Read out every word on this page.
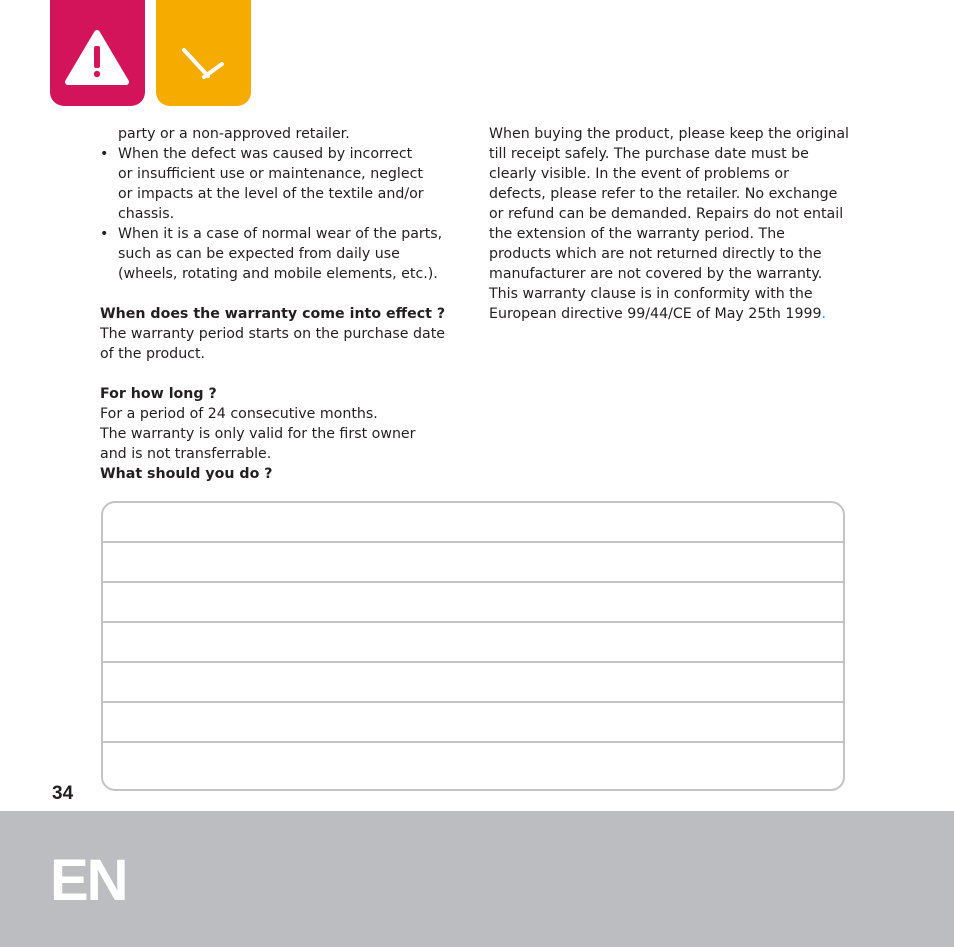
party or a non-approved retailer.

• When the defect was caused by incorrect
or insufficient use or maintenance, neglect
or impacts at the level of the textile and/or
chassis.
• When it is a case of normal wear of the parts,
such as can be expected from daily use
(wheels, rotating and mobile elements, etc.).

When does the warranty come into effect ?

The warranty period starts on the purchase date

of the product.

For how long ?

For a period of 24 consecutive months.

The warranty is only valid for the first owner

and is not transferrable.

What should you do ?

When buying the product, please keep the original

till receipt safely. The purchase date must be

clearly visible. In the event of problems or

defects, please refer to the retailer. No exchange

or refund can be demanded. Repairs do not entail

the extension of the warranty period. The

products which are not returned directly to the

manufacturer are not covered by the warranty.

This warranty clause is in conformity with the

European directive 99/44/CE of May 25th 1999.

34
EN
